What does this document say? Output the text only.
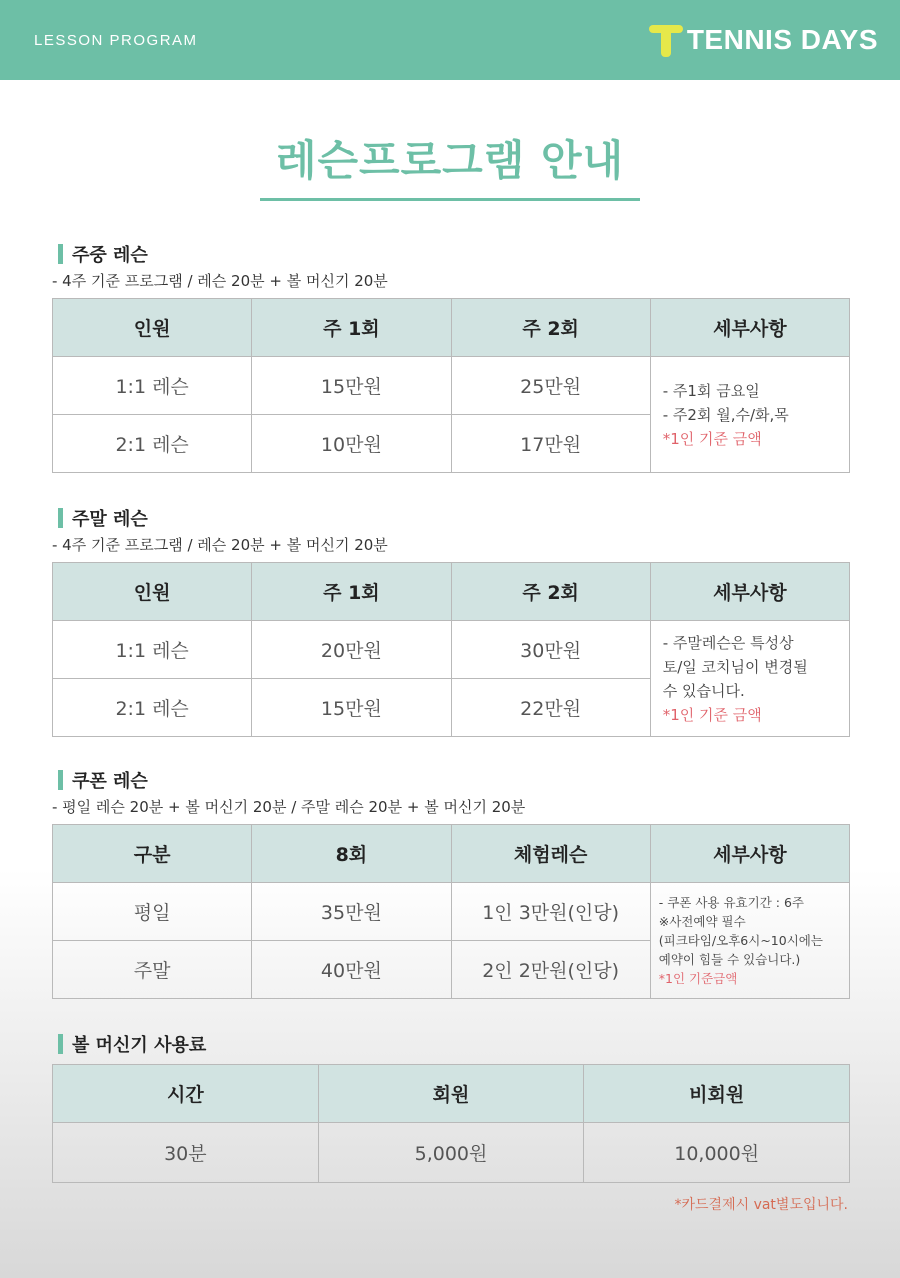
LESSON PROGRAM	TENNIS DAYS
레슨프로그램 안내
주중 레슨
- 4주 기준 프로그램 / 레슨 20분 + 볼 머신기 20분
인원	주 1회	주 2회	세부사항
1:1 레슨	15만원	25만원	- 주1회 금요일
- 주2회 월,수/화,목
*1인 기준 금액

2:1 레슨	10만원	17만원	
주말 레슨
- 4주 기준 프로그램 / 레슨 20분 + 볼 머신기 20분
인원	주 1회	주 2회	세부사항
1:1 레슨	20만원	30만원	- 주말레슨은 특성상
토/일 코치님이 변경될
수 있습니다.
*1인 기준 금액

2:1 레슨	15만원	22만원	
쿠폰 레슨
- 평일 레슨 20분 + 볼 머신기 20분 / 주말 레슨 20분 + 볼 머신기 20분
구분	8회	체험레슨	세부사항
평일	35만원	1인 3만원(인당)	- 쿠폰 사용 유효기간 : 6주
※사전예약 필수
(피크타임/오후6시~10시에는
예약이 힘들 수 있습니다.)
*1인 기준금액

주말	40만원	2인 2만원(인당)	
볼 머신기 사용료
시간	회원	비회원
30분	5,000원	10,000원
*카드결제시 vat별도입니다.
